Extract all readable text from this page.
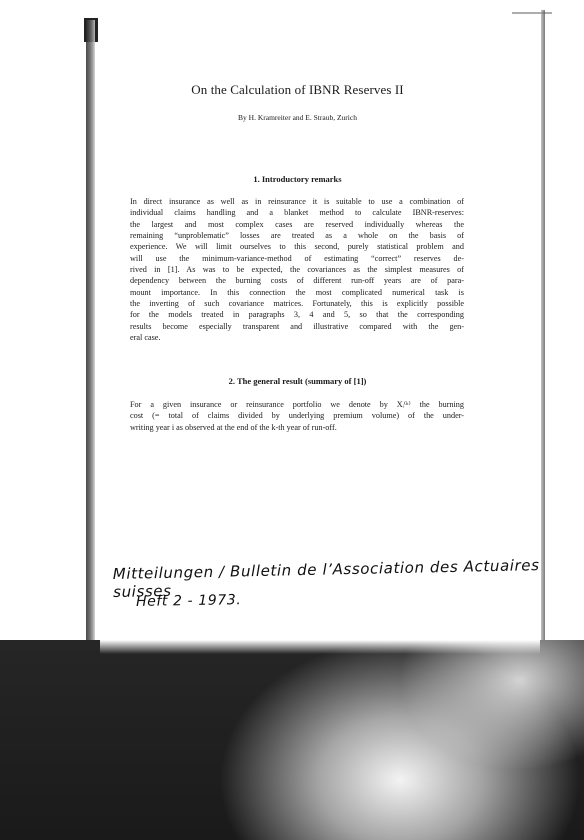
On the Calculation of IBNR Reserves II
By H. Kramreiter and E. Straub, Zurich
1. Introductory remarks
In direct insurance as well as in reinsurance it is suitable to use a combination of
individual claims handling and a blanket method to calculate IBNR-reserves:
the largest and most complex cases are reserved individually whereas the
remaining “unproblematic” losses are treated as a whole on the basis of
experience. We will limit ourselves to this second, purely statistical problem and
will use the minimum-variance-method of estimating “correct” reserves de-
rived in [1]. As was to be expected, the covariances as the simplest measures of
dependency between the burning costs of different run-off years are of para-
mount importance. In this connection the most complicated numerical task is
the inverting of such covariance matrices. Fortunately, this is explicitly possible
for the models treated in paragraphs 3, 4 and 5, so that the corresponding
results become especially transparent and illustrative compared with the gen-
eral case.
2. The general result (summary of [1])
For a given insurance or reinsurance portfolio we denote by Xᵢ⁽ᵏ⁾ the burning
cost (= total of claims divided by underlying premium volume) of the under-
writing year i as observed at the end of the k-th year of run-off.
Mitteilungen / Bulletin de l’Association des Actuaires suisses
Heft 2 - 1973.
